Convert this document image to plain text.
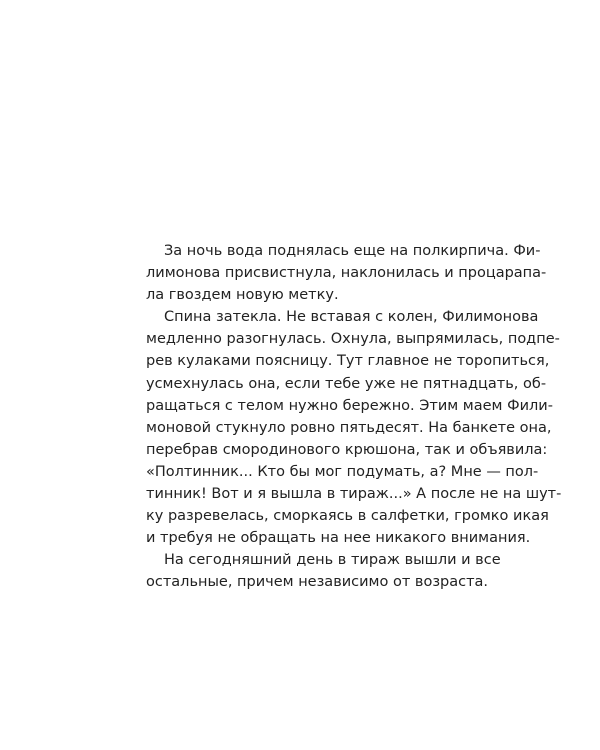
За ночь вода поднялась еще на полкирпича. Фи-
лимонова присвистнула, наклонилась и процарапа-
ла гвоздем новую метку.
Спина затекла. Не вставая с колен, Филимонова
медленно разогнулась. Охнула, выпрямилась, подпе-
рев кулаками поясницу. Тут главное не торопиться,
усмехнулась она, если тебе уже не пятнадцать, об-
ращаться с телом нужно бережно. Этим маем Фили-
моновой стукнуло ровно пятьдесят. На банкете она,
перебрав смородинового крюшона, так и объявила:
«Полтинник... Кто бы мог подумать, а? Мне — пол-
тинник! Вот и я вышла в тираж...» А после не на шут-
ку разревелась, сморкаясь в салфетки, громко икая
и требуя не обращать на нее никакого внимания.
На сегодняшний день в тираж вышли и все
остальные, причем независимо от возраста.
